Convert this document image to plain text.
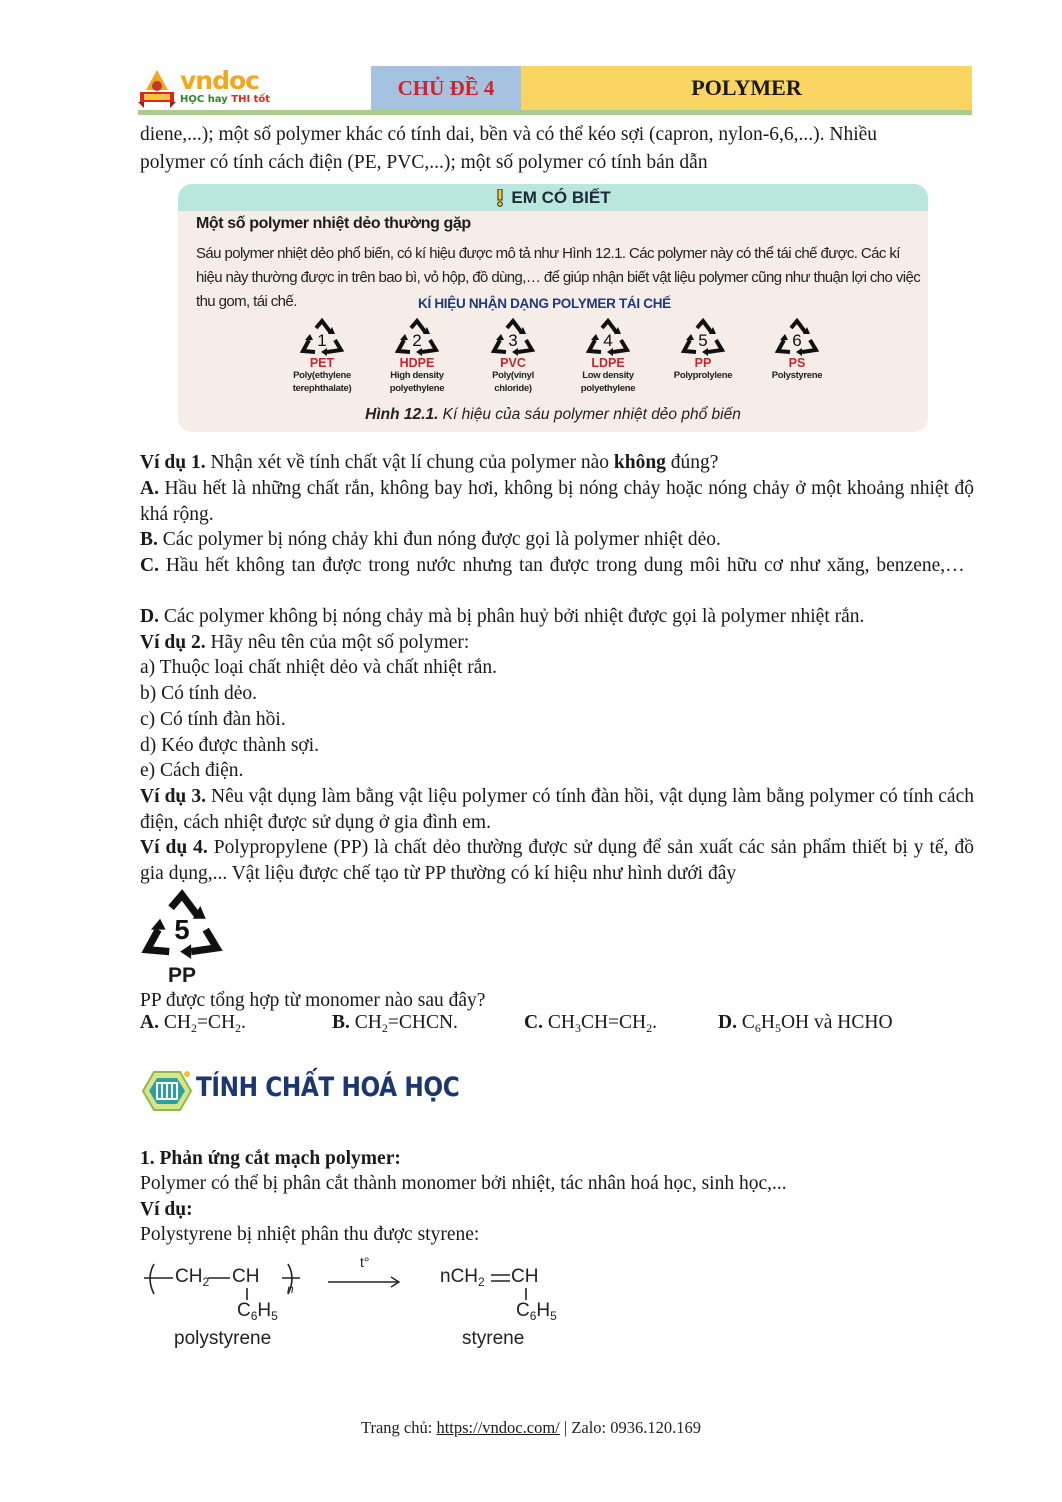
vndoc
HỌC hay THI tốt	CHỦ ĐỀ 4	POLYMER
diene,...); một số polymer khác có tính dai, bền và có thể kéo sợi (capron, nylon-6,6,...). Nhiều
polymer có tính cách điện (PE, PVC,...); một số polymer có tính bán dẫn
EM CÓ BIẾT
Một số polymer nhiệt dẻo thường gặp
Sáu polymer nhiệt dẻo phổ biến, có kí hiệu được mô tả như Hình 12.1. Các polymer này có thể tái chế được. Các kí hiệu này thường được in trên bao bì, vỏ hộp, đồ dùng,… để giúp nhận biết vật liệu polymer cũng như thuận lợi cho việc thu gom, tái chế.	KÍ HIỆU NHẬN DẠNG POLYMER TÁI CHẾ
1
PET
Poly(ethylene
terephthalate)
2
HDPE
High density
polyethylene
3
PVC
Poly(vinyl
chloride)
4
LDPE
Low density
polyethylene
5
PP
Polyprolylene
6
PS
Polystyrene
Hình 12.1. Kí hiệu của sáu polymer nhiệt dẻo phổ biến
Ví dụ 1. Nhận xét về tính chất vật lí chung của polymer nào không đúng?
A. Hầu hết là những chất rắn, không bay hơi, không bị nóng chảy hoặc nóng chảy ở một khoảng nhiệt độ khá rộng.
B. Các polymer bị nóng chảy khi đun nóng được gọi là polymer nhiệt dẻo.
C. Hầu hết không tan được trong nước nhưng tan được trong dung môi hữu cơ như xăng, benzene,…
D. Các polymer không bị nóng chảy mà bị phân huỷ bởi nhiệt được gọi là polymer nhiệt rắn.
Ví dụ 2. Hãy nêu tên của một số polymer:
a) Thuộc loại chất nhiệt dẻo và chất nhiệt rắn.
b) Có tính dẻo.
c) Có tính đàn hồi.
d) Kéo được thành sợi.
e) Cách điện.
Ví dụ 3. Nêu vật dụng làm bằng vật liệu polymer có tính đàn hồi, vật dụng làm bằng polymer có tính cách điện, cách nhiệt được sử dụng ở gia đình em.
Ví dụ 4. Polypropylene (PP) là chất dẻo thường được sử dụng để sản xuất các sản phẩm thiết bị y tế, đồ gia dụng,... Vật liệu được chế tạo từ PP thường có kí hiệu như hình dưới đây
5
PP
PP được tổng hợp từ monomer nào sau đây?
A. $CH_2=CH_2$.	B. $CH_2=CHCN$.	C. $CH_3CH=CH_2$.	D. $C_6H_5OH$ và HCHO
TÍNH CHẤT HOÁ HỌC
1. Phản ứng cắt mạch polymer:
Polymer có thể bị phân cắt thành monomer bởi nhiệt, tác nhân hoá học, sinh học,...
Ví dụ:
Polystyrene bị nhiệt phân thu được styrene:
$CH_2$ CH
n
$C_6H_5$
t°
nCH$_2$ CH
$C_6H_5$
polystyrene	styrene
Trang chủ: https://vndoc.com/ | Zalo: 0936.120.169
